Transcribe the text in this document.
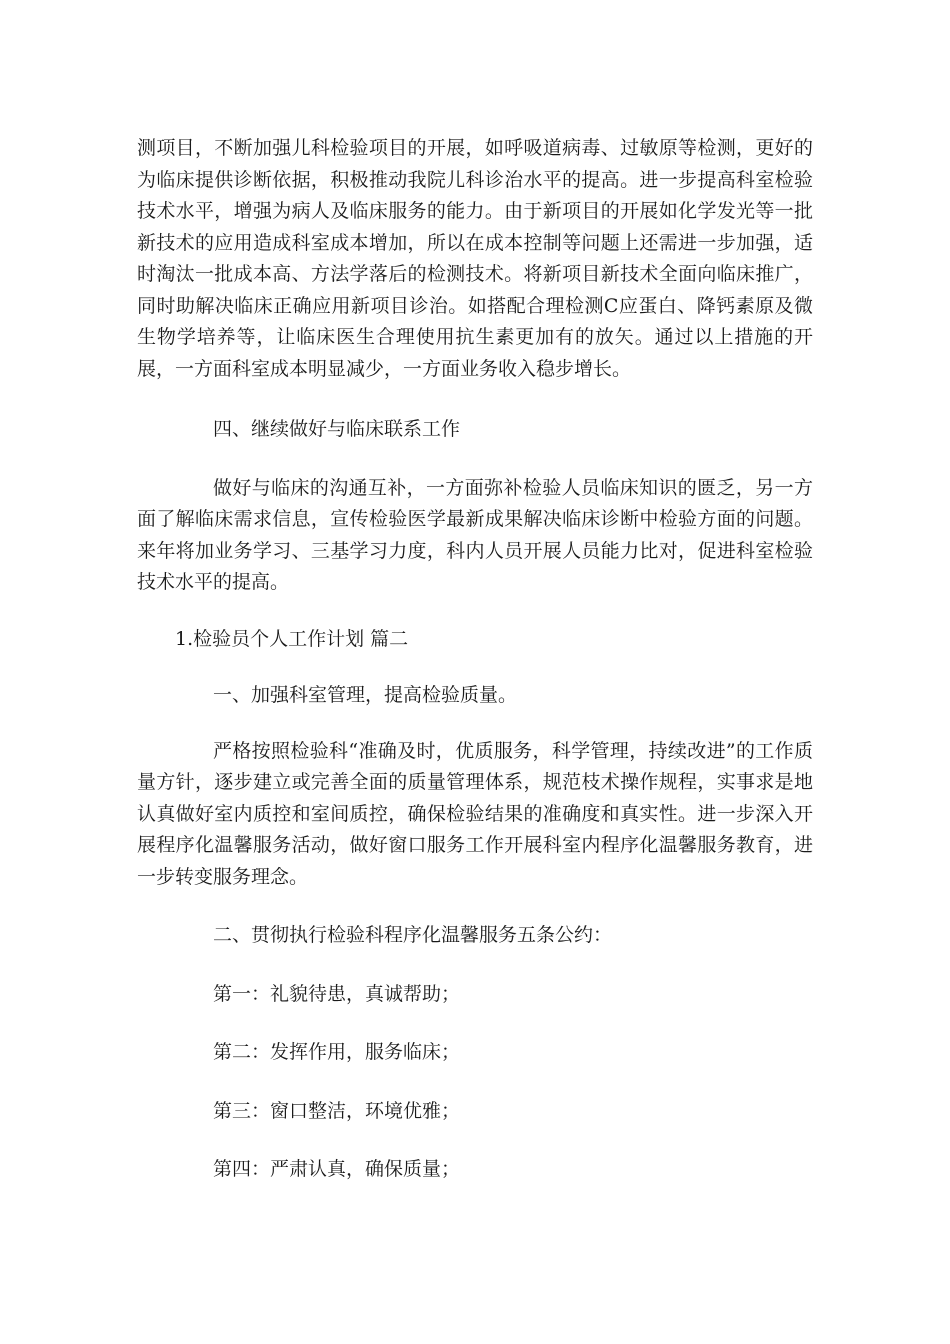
测项目，不断加强儿科检验项目的开展，如呼吸道病毒、过敏原等检测，更好的为临床提供诊断依据，积极推动我院儿科诊治水平的提高。进一步提高科室检验技术水平，增强为病人及临床服务的能力。由于新项目的开展如化学发光等一批新技术的应用造成科室成本增加，所以在成本控制等问题上还需进一步加强，适时淘汰一批成本高、方法学落后的检测技术。将新项目新技术全面向临床推广，同时助解决临床正确应用新项目诊治。如搭配合理检测C应蛋白、降钙素原及微生物学培养等，让临床医生合理使用抗生素更加有的放矢。通过以上措施的开展，一方面科室成本明显减少，一方面业务收入稳步增长。

四、继续做好与临床联系工作

做好与临床的沟通互补，一方面弥补检验人员临床知识的匮乏，另一方面了解临床需求信息，宣传检验医学最新成果解决临床诊断中检验方面的问题。来年将加业务学习、三基学习力度，科内人员开展人员能力比对，促进科室检验技术水平的提高。

1.检验员个人工作计划 篇二

一、加强科室管理，提高检验质量。

严格按照检验科“准确及时，优质服务，科学管理，持续改进”的工作质量方针，逐步建立或完善全面的质量管理体系，规范枝术操作规程，实事求是地认真做好室内质控和室间质控，确保检验结果的准确度和真实性。进一步深入开展程序化温馨服务活动，做好窗口服务工作开展科室内程序化温馨服务教育，进一步转变服务理念。

二、贯彻执行检验科程序化温馨服务五条公约：

第一：礼貌待患，真诚帮助；

第二：发挥作用，服务临床；

第三：窗口整洁，环境优雅；

第四：严肃认真，确保质量；
